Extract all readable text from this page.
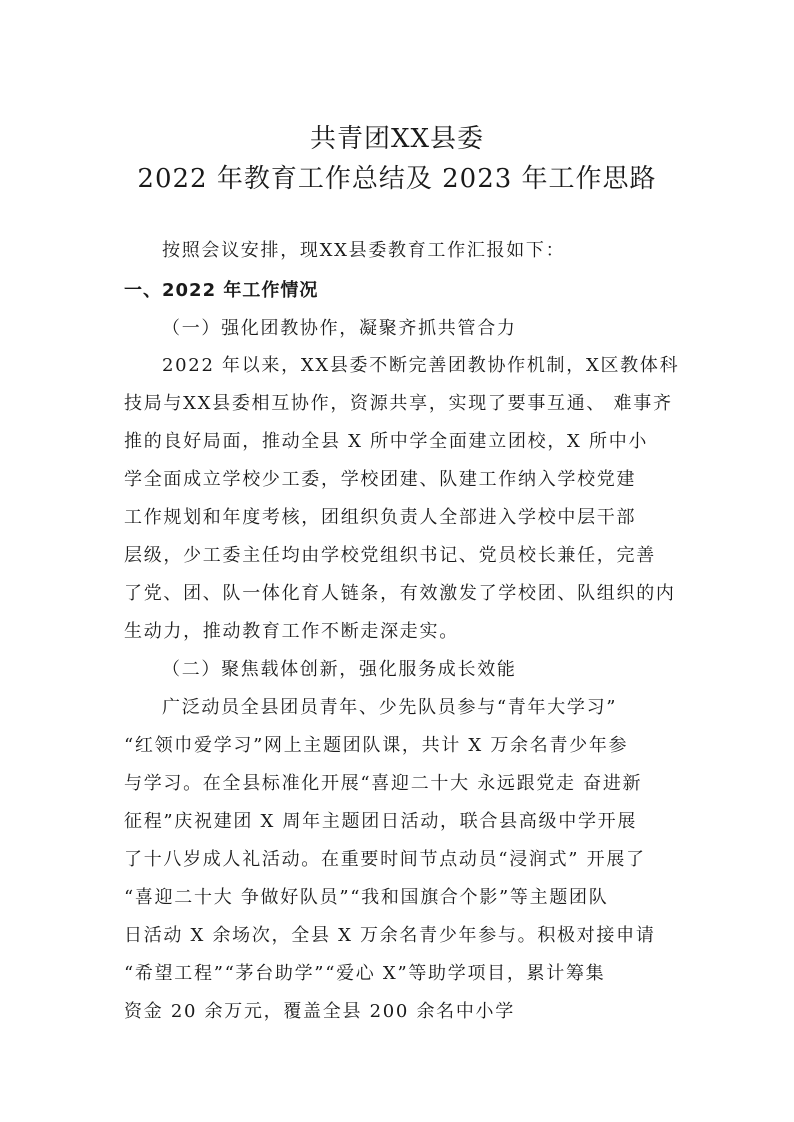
共青团XX县委
2022 年教育工作总结及 2023 年工作思路
按照会议安排，现XX县委教育工作汇报如下：
一、2022 年工作情况
（一）强化团教协作，凝聚齐抓共管合力
2022 年以来，XX县委不断完善团教协作机制，X区教体科
技局与XX县委相互协作，资源共享，实现了要事互通、 难事齐
推的良好局面，推动全县 X 所中学全面建立团校，X 所中小
学全面成立学校少工委，学校团建、队建工作纳入学校党建
工作规划和年度考核，团组织负责人全部进入学校中层干部
层级，少工委主任均由学校党组织书记、党员校长兼任，完善
了党、团、队一体化育人链条，有效激发了学校团、队组织的内
生动力，推动教育工作不断走深走实。
（二）聚焦载体创新，强化服务成长效能
广泛动员全县团员青年、少先队员参与“青年大学习”
“红领巾爱学习”网上主题团队课，共计 X 万余名青少年参
与学习。在全县标准化开展“喜迎二十大 永远跟党走 奋进新
征程”庆祝建团 X 周年主题团日活动，联合县高级中学开展
了十八岁成人礼活动。在重要时间节点动员“浸润式” 开展了
“喜迎二十大 争做好队员”“我和国旗合个影”等主题团队
日活动 X 余场次，全县 X 万余名青少年参与。积极对接申请
“希望工程”“茅台助学”“爱心 X”等助学项目，累计筹集
资金 20 余万元，覆盖全县 200 余名中小学
